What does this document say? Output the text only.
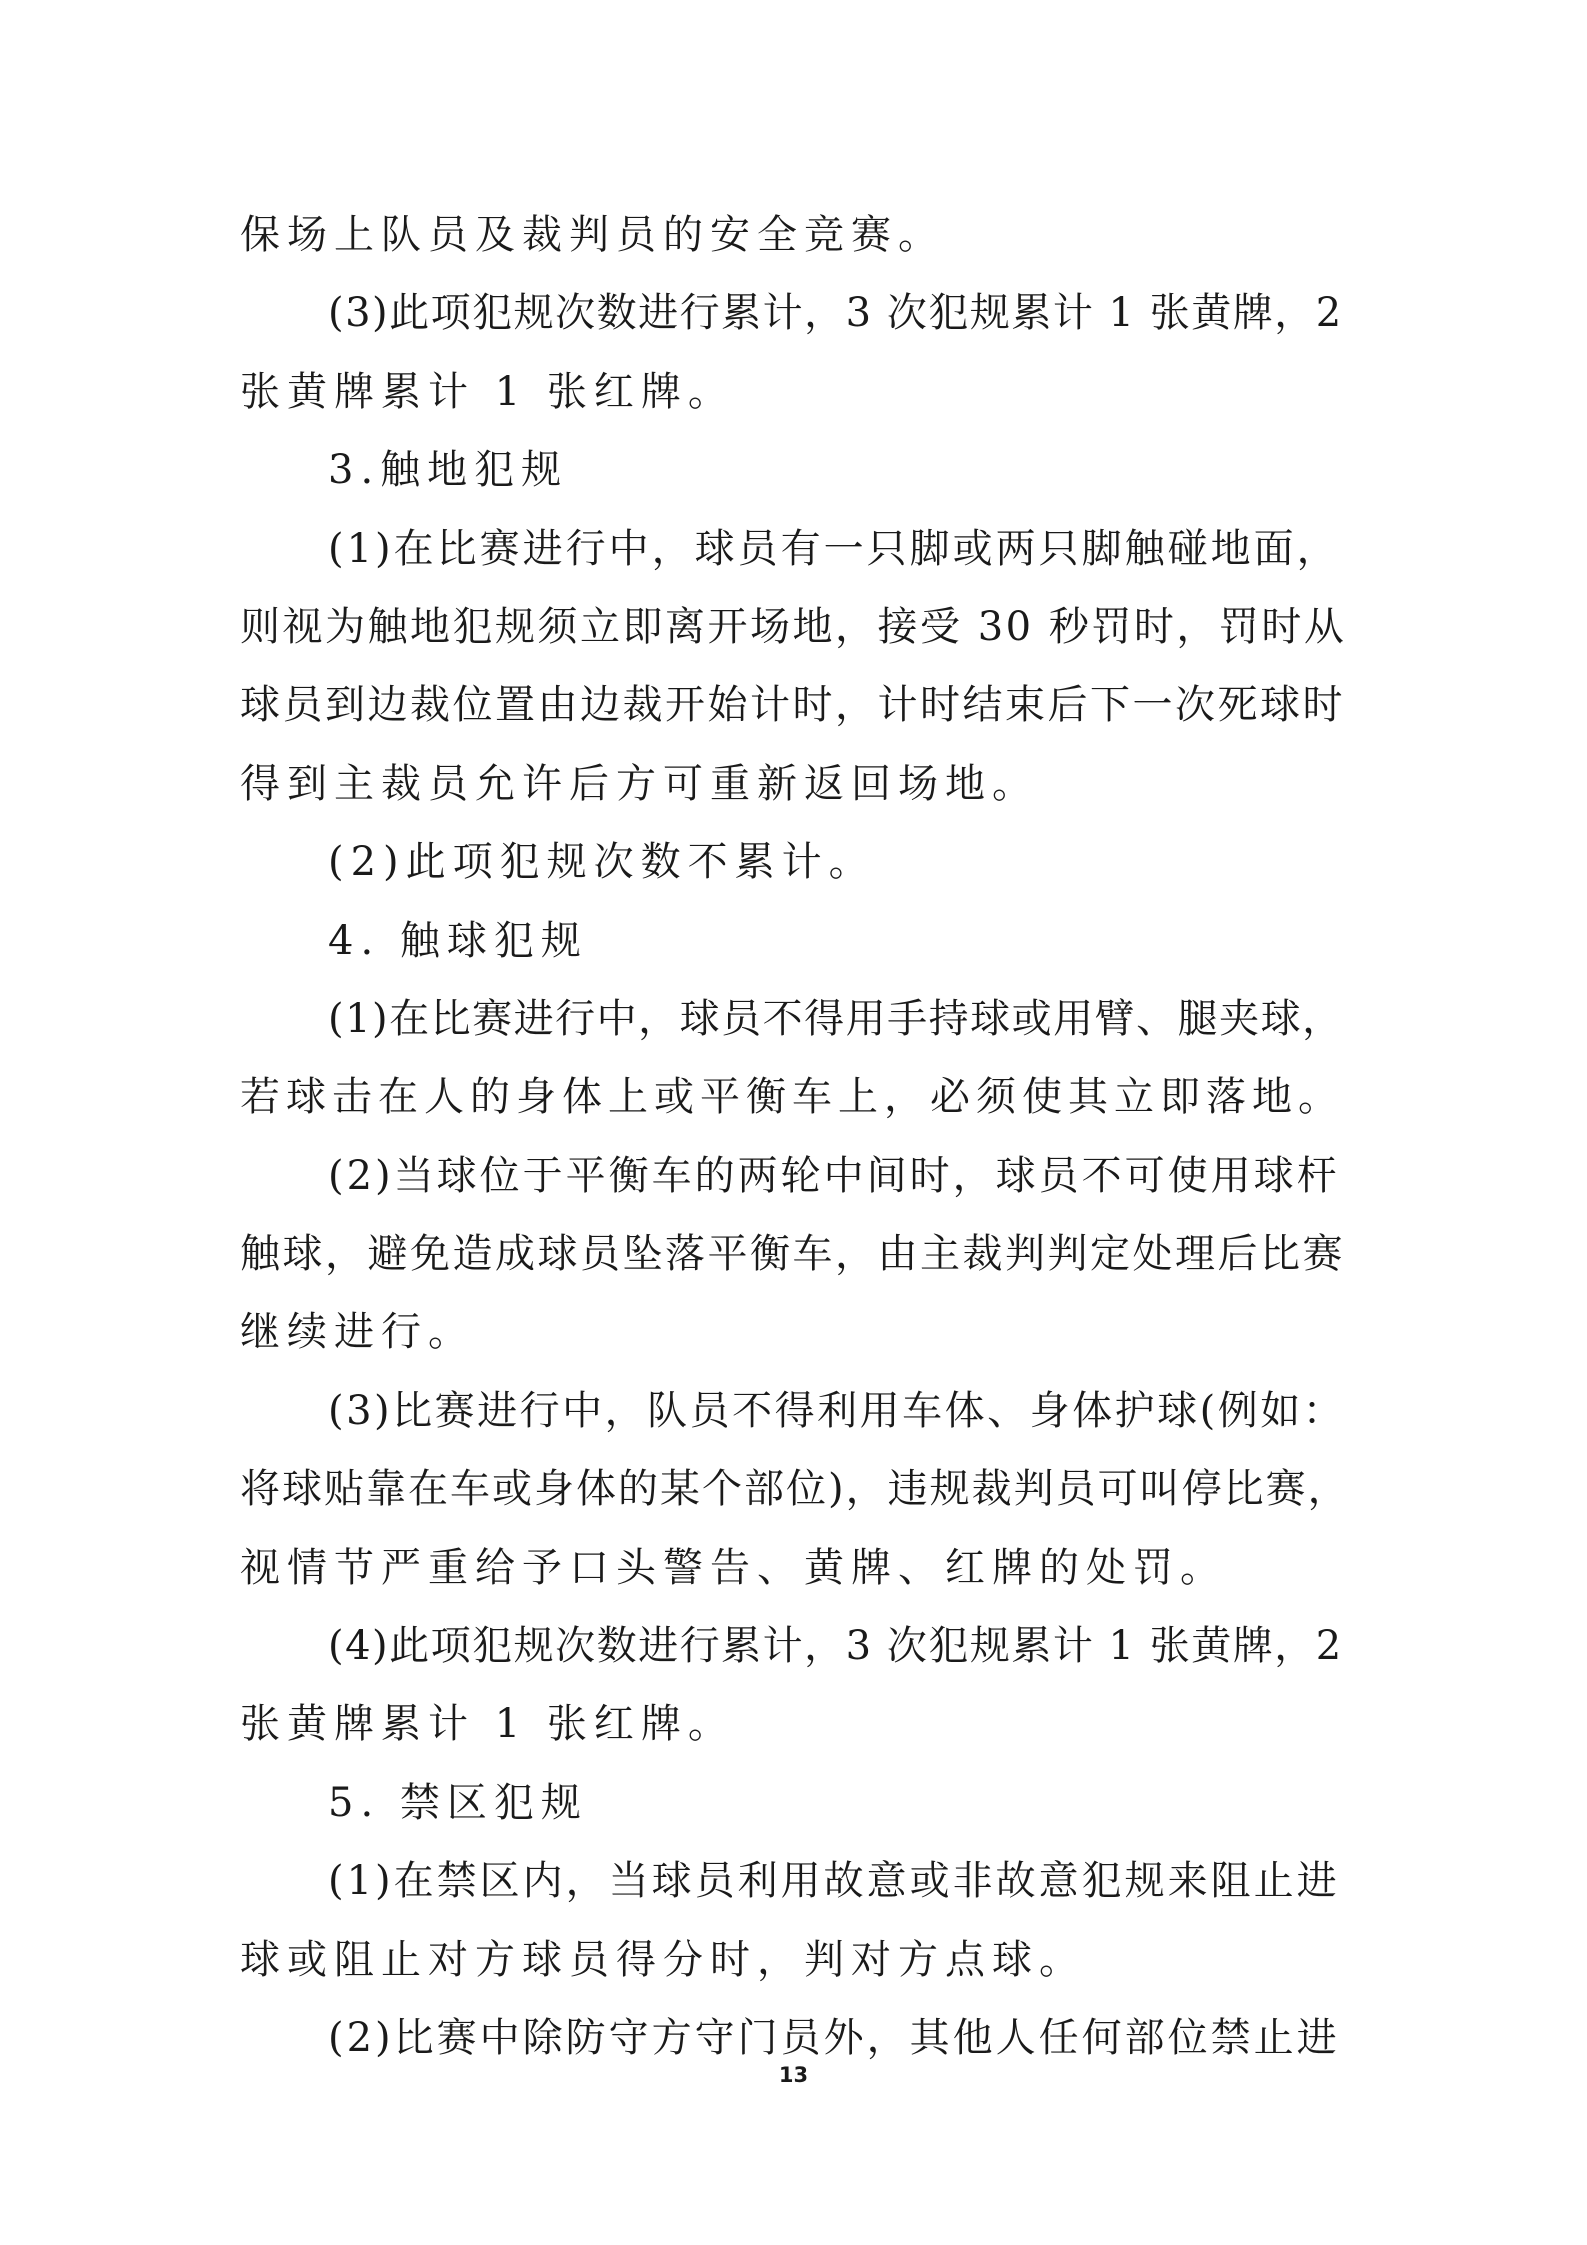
保场上队员及裁判员的安全竞赛。
(3)此项犯规次数进行累计，3 次犯规累计 1 张黄牌，2
张黄牌累计 1 张红牌。
3.触地犯规
(1)在比赛进行中，球员有一只脚或两只脚触碰地面，
则视为触地犯规须立即离开场地，接受 30 秒罚时，罚时从
球员到边裁位置由边裁开始计时，计时结束后下一次死球时
得到主裁员允许后方可重新返回场地。
(2)此项犯规次数不累计。
4. 触球犯规
(1)在比赛进行中，球员不得用手持球或用臂、腿夹球，
若球击在人的身体上或平衡车上，必须使其立即落地。
(2)当球位于平衡车的两轮中间时，球员不可使用球杆
触球，避免造成球员坠落平衡车，由主裁判判定处理后比赛
继续进行。
(3)比赛进行中，队员不得利用车体、身体护球(例如：
将球贴靠在车或身体的某个部位)，违规裁判员可叫停比赛，
视情节严重给予口头警告、黄牌、红牌的处罚。
(4)此项犯规次数进行累计，3 次犯规累计 1 张黄牌，2
张黄牌累计 1 张红牌。
5. 禁区犯规
(1)在禁区内，当球员利用故意或非故意犯规来阻止进
球或阻止对方球员得分时，判对方点球。
(2)比赛中除防守方守门员外，其他人任何部位禁止进
13
